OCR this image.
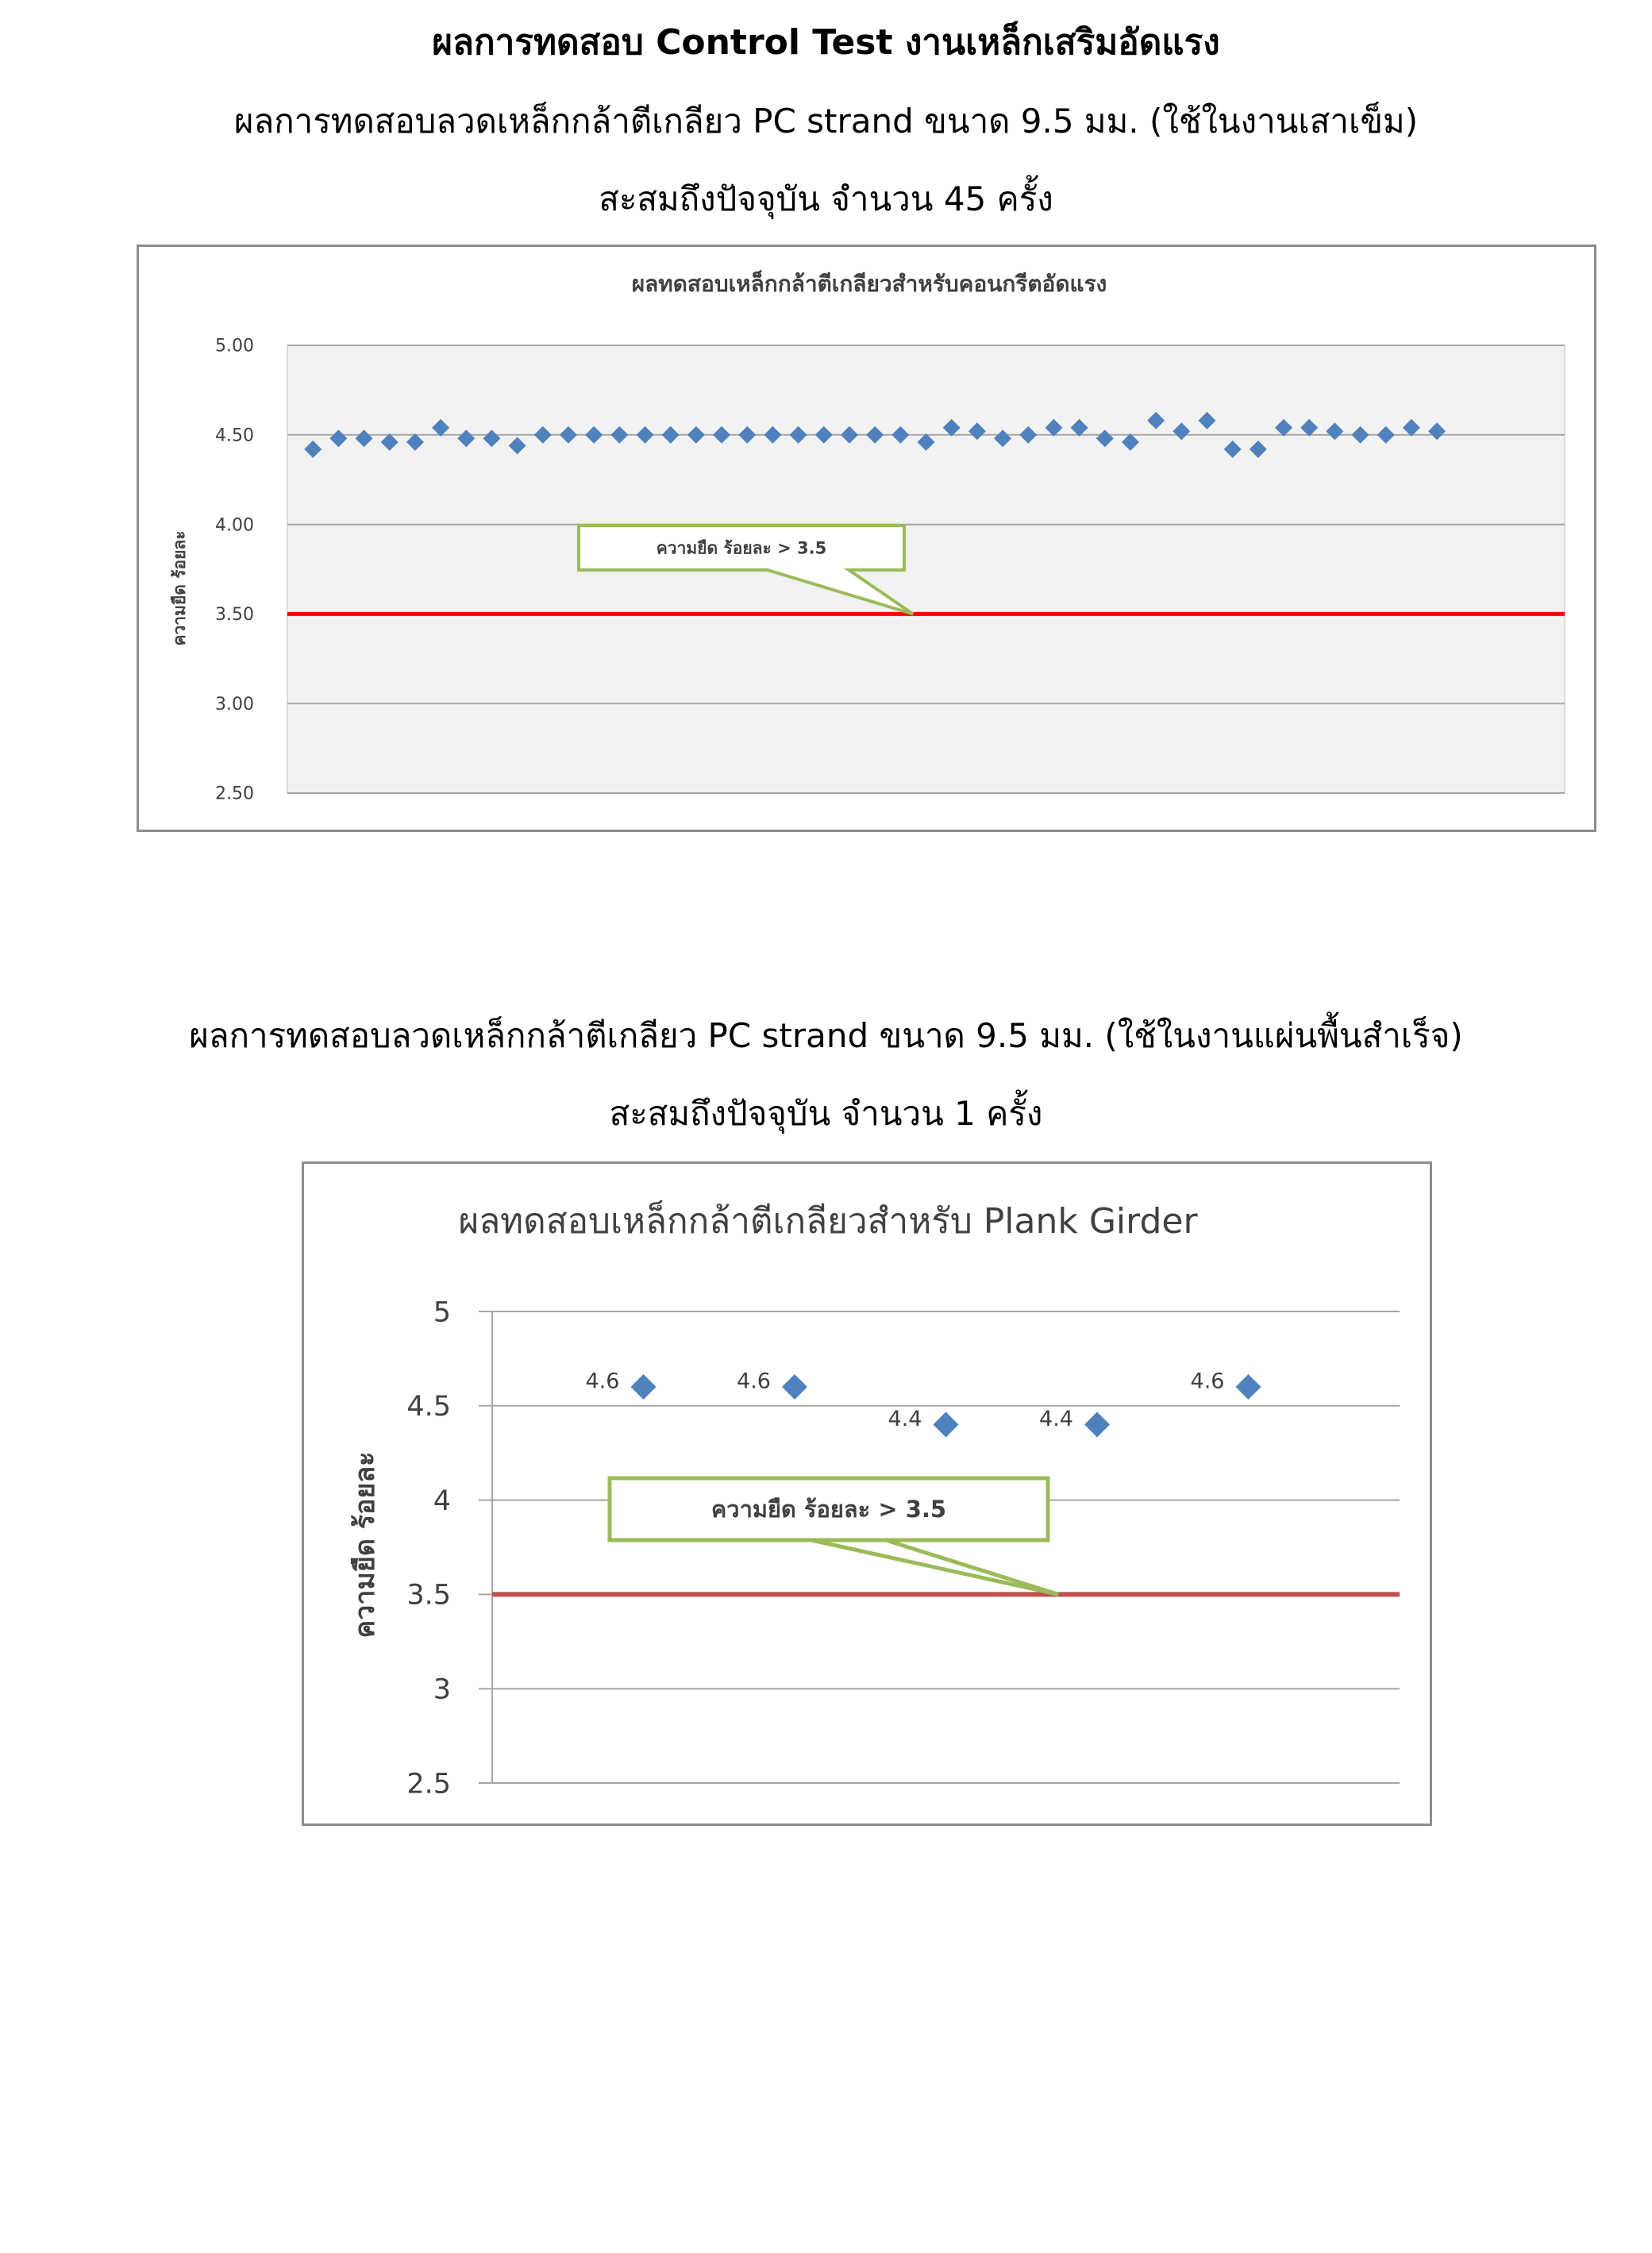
ผลการทดสอบ Control Test งานเหล็กเสริมอัดแรง
ผลการทดสอบลวดเหล็กกล้าตีเกลียว PC strand ขนาด 9.5 มม. (ใช้ในงานเสาเข็ม)
สะสมถึงปัจจุบัน จำนวน 45 ครั้ง
ผลทดสอบเหล็กกล้าตีเกลียวสำหรับคอนกรีตอัดแรง
2.50
3.00
3.50
4.00
4.50
5.00
ความยืด ร้อยละ	ความยืด ร้อยละ > 3.5
ผลการทดสอบลวดเหล็กกล้าตีเกลียว PC strand ขนาด 9.5 มม. (ใช้ในงานแผ่นพื้นสำเร็จ)
สะสมถึงปัจจุบัน จำนวน 1 ครั้ง
ผลทดสอบเหล็กกล้าตีเกลียวสำหรับ Plank Girder
2.5
3
3.5
4
4.5
5
ความยืด ร้อยละ	ความยืด ร้อยละ > 3.5
4.6	4.6
4.4	4.4
4.6
